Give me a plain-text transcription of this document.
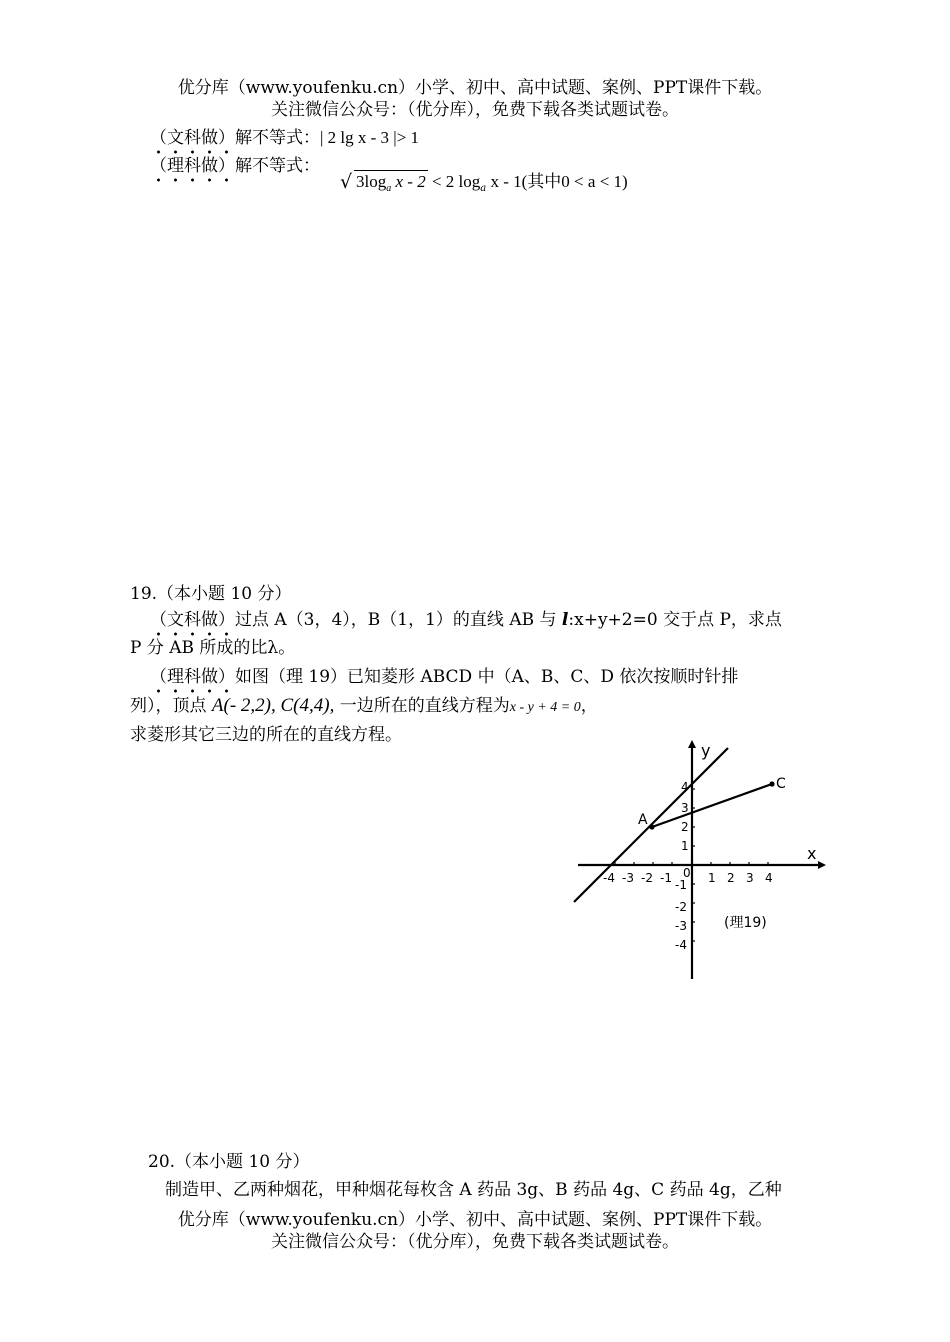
优分库（www.youfenku.cn）小学、初中、高中试题、案例、PPT课件下载。
关注微信公众号：（优分库），免费下载各类试题试卷。
（文科做）解不等式：| 2 lg x - 3 |> 1
（理科做）解不等式：
√ $3\log_a$ x - 2 < 2 $\log_a x - 1$(其中0 < a < 1)
19.（本小题 10 分）
（文科做）过点 A（3，4），B（1，1）的直线 AB 与 l:x+y+2=0 交于点 P，求点
P 分 AB 所成的比λ。
（理科做）如图（理 19）已知菱形 ABCD 中（A、B、C、D 依次按顺时针排
列），顶点 A(- 2,2), C(4,4), 一边所在的直线方程为x - y + 4 = 0，
求菱形其它三边的所在的直线方程。
-4 -3 -2 -1	1 2 3 4
1
2
3
4
-1
-2
-3
-4
0
x
y
A
C
(理19)
20.（本小题 10 分）
制造甲、乙两种烟花，甲种烟花每枚含 A 药品 3g、B 药品 4g、C 药品 4g，乙种
优分库（www.youfenku.cn）小学、初中、高中试题、案例、PPT课件下载。
关注微信公众号：（优分库），免费下载各类试题试卷。
